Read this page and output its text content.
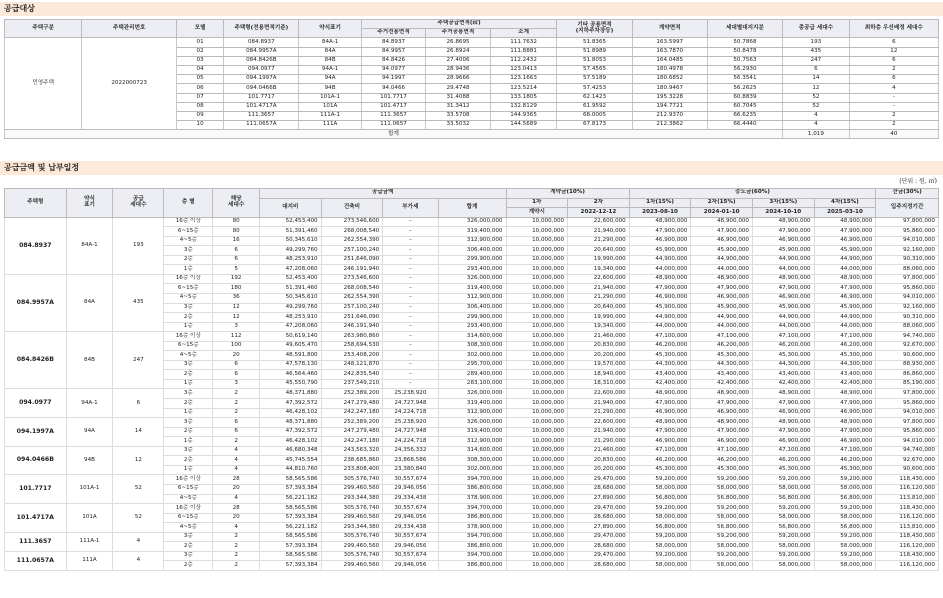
공급대상
주택구분	주택관리번호	모델	주택형(전용면적기준)	약식표기	주택공급면적(㎡)			기타 공용면적
(지하주차장등)	계약면적	세대별대지지분	총공급 세대수	최하층 우선배정 세대수
					주거전용면적	주거공용면적	소계					
민영주택	2022000723	01	084.8937	84A-1	84.8937	26.8695	111.7632	51.8365	163.5997	50.7868	193	6
		02	084.9957A	84A	84.9957	26.8924	111.8881	51.8989	163.7870	50.8478	435	12
		03	084.8426B	84B	84.8426	27.4006	112.2432	51.8053	164.0485	50.7563	247	6
		04	094.0977	94A-1	94.0977	28.9436	123.0413	57.4565	180.4978	56.2930	6	2
		05	094.1997A	94A	94.1997	28.9666	123.1663	57.5189	180.6852	56.3541	14	6
		06	094.0466B	94B	94.0466	29.4748	123.5214	57.4253	180.9467	56.2625	12	4
		07	101.7717	101A-1	101.7717	31.4088	133.1805	62.1423	195.3228	60.8839	52	-
		08	101.4717A	101A	101.4717	31.3412	132.8129	61.9592	194.7721	60.7045	52	-
		09	111.3657	111A-1	111.3657	33.5708	144.9365	68.0005	212.9370	66.6235	4	2
		10	111.0657A	111A	111.0657	33.5032	144.5689	67.8173	212.3862	66.4440	4	2
합계											1,019	40
공급금액 및 납부일정
(단위 : 원, ㎡)
주택형	약식
표기	공급
세대수	층 별	해당
세대수	공급금액				계약금(10%)		중도금(60%)				잔금(30%)
					대지비	건축비	부가세	합계	1차	2차	1차(15%)	2차(15%)	3차(15%)	4차(15%)	입주지정기간
									계약시	2022-12-12	2023-08-10	2024-01-10	2024-10-10	2025-03-10	
084.8937	84A-1	193	16층 이상	80	52,453,400	273,546,600	–	326,000,000	10,000,000	22,600,000	48,900,000	48,900,000	48,900,000	48,900,000	97,800,000
			6~15층	80	51,391,460	268,008,540	–	319,400,000	10,000,000	21,940,000	47,900,000	47,900,000	47,900,000	47,900,000	95,860,000
			4~5층	16	50,345,610	262,554,390	–	312,900,000	10,000,000	21,290,000	46,900,000	46,900,000	46,900,000	46,900,000	94,010,000
			3층	6	49,299,760	257,100,240	–	306,400,000	10,000,000	20,640,000	45,900,000	45,900,000	45,900,000	45,900,000	92,160,000
			2층	6	48,253,910	251,646,090	–	299,900,000	10,000,000	19,990,000	44,900,000	44,900,000	44,900,000	44,900,000	90,310,000
			1층	5	47,208,060	246,191,940	–	293,400,000	10,000,000	19,340,000	44,000,000	44,000,000	44,000,000	44,000,000	88,060,000
084.9957A	84A	435	16층 이상	192	52,453,400	273,546,600	–	326,000,000	10,000,000	22,600,000	48,900,000	48,900,000	48,900,000	48,900,000	97,800,000
			6~15층	180	51,391,460	268,008,540	–	319,400,000	10,000,000	21,940,000	47,900,000	47,900,000	47,900,000	47,900,000	95,860,000
			4~5층	36	50,345,610	262,554,390	–	312,900,000	10,000,000	21,290,000	46,900,000	46,900,000	46,900,000	46,900,000	94,010,000
			3층	12	49,299,760	257,100,240	–	306,400,000	10,000,000	20,640,000	45,900,000	45,900,000	45,900,000	45,900,000	92,160,000
			2층	12	48,253,910	251,646,090	–	299,900,000	10,000,000	19,990,000	44,900,000	44,900,000	44,900,000	44,900,000	90,310,000
			1층	3	47,208,060	246,191,940	–	293,400,000	10,000,000	19,340,000	44,000,000	44,000,000	44,000,000	44,000,000	88,060,000
084.8426B	84B	247	16층 이상	112	50,619,140	263,980,860	–	314,600,000	10,000,000	21,460,000	47,100,000	47,100,000	47,100,000	47,100,000	94,740,000
			6~15층	100	49,605,470	258,694,530	–	308,300,000	10,000,000	20,830,000	46,200,000	46,200,000	46,200,000	46,200,000	92,670,000
			4~5층	20	48,591,800	253,408,200	–	302,000,000	10,000,000	20,200,000	45,300,000	45,300,000	45,300,000	45,300,000	90,600,000
			3층	6	47,578,130	248,121,870	–	295,700,000	10,000,000	19,570,000	44,300,000	44,300,000	44,300,000	44,300,000	88,930,000
			2층	6	46,564,460	242,835,540	–	289,400,000	10,000,000	18,940,000	43,400,000	43,400,000	43,400,000	43,400,000	86,860,000
			1층	3	45,550,790	237,549,210	–	283,100,000	10,000,000	18,310,000	42,400,000	42,400,000	42,400,000	42,400,000	85,190,000
094.0977	94A-1	6	3층	2	48,371,880	252,389,200	25,238,920	326,000,000	10,000,000	22,600,000	48,900,000	48,900,000	48,900,000	48,900,000	97,800,000
			2층	2	47,392,572	247,279,480	24,727,948	319,400,000	10,000,000	21,940,000	47,900,000	47,900,000	47,900,000	47,900,000	95,860,000
			1층	2	46,428,102	242,247,180	24,224,718	312,900,000	10,000,000	21,290,000	46,900,000	46,900,000	46,900,000	46,900,000	94,010,000
094.1997A	94A	14	3층	6	48,371,880	252,389,200	25,238,920	326,000,000	10,000,000	22,600,000	48,900,000	48,900,000	48,900,000	48,900,000	97,800,000
			2층	6	47,392,572	247,279,480	24,727,948	319,400,000	10,000,000	21,940,000	47,900,000	47,900,000	47,900,000	47,900,000	95,860,000
			1층	2	46,428,102	242,247,180	24,224,718	312,900,000	10,000,000	21,290,000	46,900,000	46,900,000	46,900,000	46,900,000	94,010,000
094.0466B	94B	12	3층	4	46,680,348	243,563,320	24,356,332	314,600,000	10,000,000	21,460,000	47,100,000	47,100,000	47,100,000	47,100,000	94,740,000
			2층	4	45,745,554	238,685,860	23,868,586	308,300,000	10,000,000	20,830,000	46,200,000	46,200,000	46,200,000	46,200,000	92,670,000
			1층	4	44,810,760	233,808,400	23,380,840	302,000,000	10,000,000	20,200,000	45,300,000	45,300,000	45,300,000	45,300,000	90,600,000
101.7717	101A-1	52	16층 이상	28	58,565,586	305,576,740	30,557,674	394,700,000	10,000,000	29,470,000	59,200,000	59,200,000	59,200,000	59,200,000	118,430,000
			6~15층	20	57,393,384	299,460,560	29,946,056	386,800,000	10,000,000	28,680,000	58,000,000	58,000,000	58,000,000	58,000,000	116,120,000
			4~5층	4	56,221,182	293,344,380	29,334,438	378,900,000	10,000,000	27,890,000	56,800,000	56,800,000	56,800,000	56,800,000	113,810,000
101.4717A	101A	52	16층 이상	28	58,565,586	305,576,740	30,557,674	394,700,000	10,000,000	29,470,000	59,200,000	59,200,000	59,200,000	59,200,000	118,430,000
			6~15층	20	57,393,384	299,460,560	29,946,056	386,800,000	10,000,000	28,680,000	58,000,000	58,000,000	58,000,000	58,000,000	116,120,000
			4~5층	4	56,221,182	293,344,380	29,334,438	378,900,000	10,000,000	27,890,000	56,800,000	56,800,000	56,800,000	56,800,000	113,810,000
111.3657	111A-1	4	3층	2	58,565,586	305,576,740	30,557,674	394,700,000	10,000,000	29,470,000	59,200,000	59,200,000	59,200,000	59,200,000	118,430,000
			2층	2	57,393,384	299,460,560	29,946,056	386,800,000	10,000,000	28,680,000	58,000,000	58,000,000	58,000,000	58,000,000	116,120,000
111.0657A	111A	4	3층	2	58,565,586	305,576,740	30,557,674	394,700,000	10,000,000	29,470,000	59,200,000	59,200,000	59,200,000	59,200,000	118,430,000
			2층	2	57,393,384	299,460,560	29,946,056	386,800,000	10,000,000	28,680,000	58,000,000	58,000,000	58,000,000	58,000,000	116,120,000
